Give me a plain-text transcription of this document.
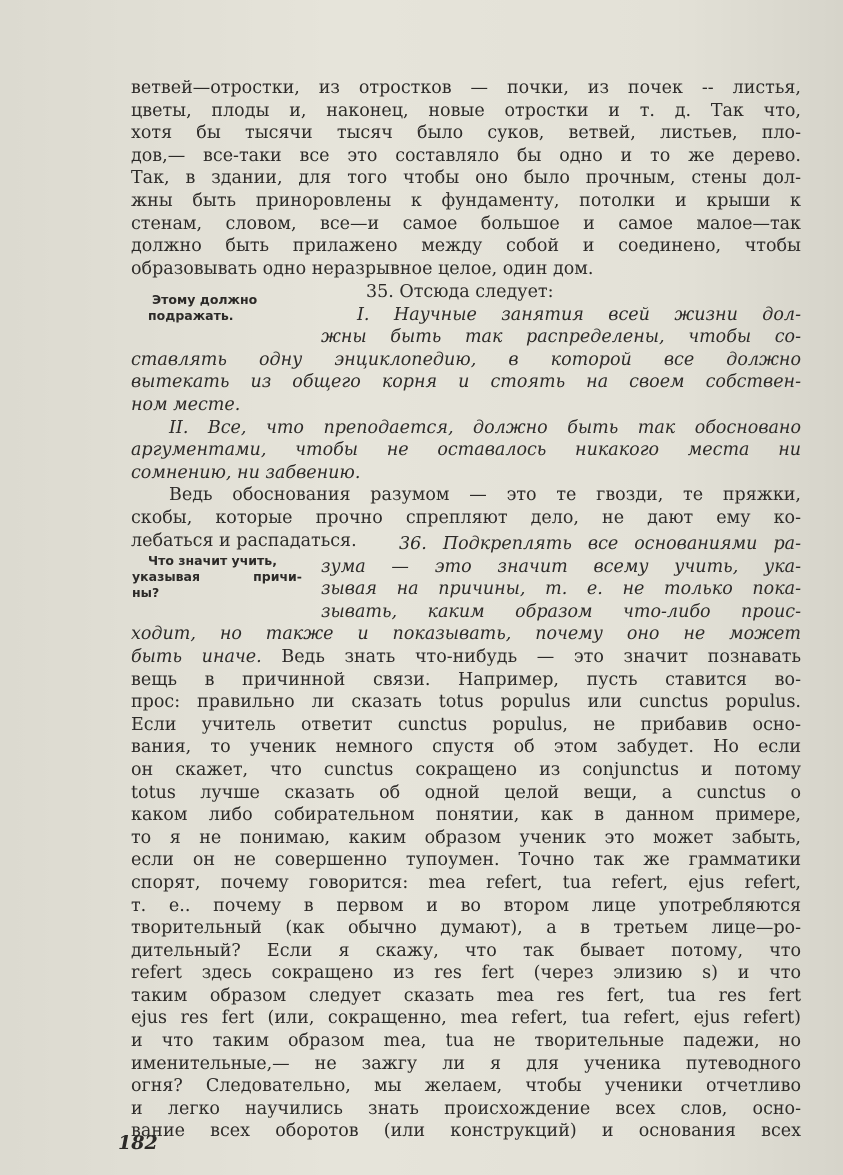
ветвей—отростки, из отростков — почки, из почек -- листья,
цветы, плоды и, наконец, новые отростки и т. д. Так что,
хотя бы тысячи тысяч было суков, ветвей, листьев, пло-
дов,— все-таки все это составляло бы одно и то же дерево.
Так, в здании, для того чтобы оно было прочным, стены дол-
жны быть приноровлены к фундаменту, потолки и крыши к
стенам, словом, все—и самое большое и самое малое—так
должно быть прилажено между собой и соединено, чтобы
образовывать одно неразрывное целое, один дом.
Этому должно
подражать.
35. Отсюда следует:
I. Научные занятия всей жизни дол-
жны быть так распределены, чтобы со-
ставлять одну энциклопедию, в которой все должно
вытекать из общего корня и стоять на своем собствен-
ном месте.
II. Все, что преподается, должно быть так обосновано
аргументами, чтобы не оставалось никакого места ни
сомнению, ни забвению.
Ведь обоснования разумом — это те гвозди, те пряжки,
скобы, которые прочно спрепляют дело, не дают ему ко-
лебаться и распадаться.
Что значит учить,
указывая причи-
ны?
36. Подкреплять все основаниями ра-
зума — это значит всему учить, ука-
зывая на причины, т. е. не только пока-
зывать, каким образом что-либо проис-
ходит, но также и показывать, почему оно не может
быть иначе. Ведь знать что-нибудь — это значит познавать
вещь в причинной связи. Например, пусть ставится во-
прос: правильно ли сказать totus populus или cunctus populus.
Если учитель ответит cunctus populus, не прибавив осно-
вания, то ученик немного спустя об этом забудет. Но если
он скажет, что cunctus сокращено из conjunctus и потому
totus лучше сказать об одной целой вещи, а cunctus о
каком либо собирательном понятии, как в данном примере,
то я не понимаю, каким образом ученик это может забыть,
если он не совершенно тупоумен. Точно так же грамматики
спорят, почему говорится: mea refert, tua refert, ejus refert,
т. е.. почему в первом и во втором лице употребляются
творительный (как обычно думают), а в третьем лице—ро-
дительный? Если я скажу, что так бывает потому, что
refert здесь сокращено из res fert (через элизию s) и что
таким образом следует сказать mea res fert, tua res fert
ejus res fert (или, сокращенно, mea refert, tua refert, ejus refert)
и что таким образом mea, tua не творительные падежи, но
именительные,— не зажгу ли я для ученика путеводного
огня? Следовательно, мы желаем, чтобы ученики отчетливо
и легко научились знать происхождение всех слов, осно-
вание всех оборотов (или конструкций) и основания всех
182
